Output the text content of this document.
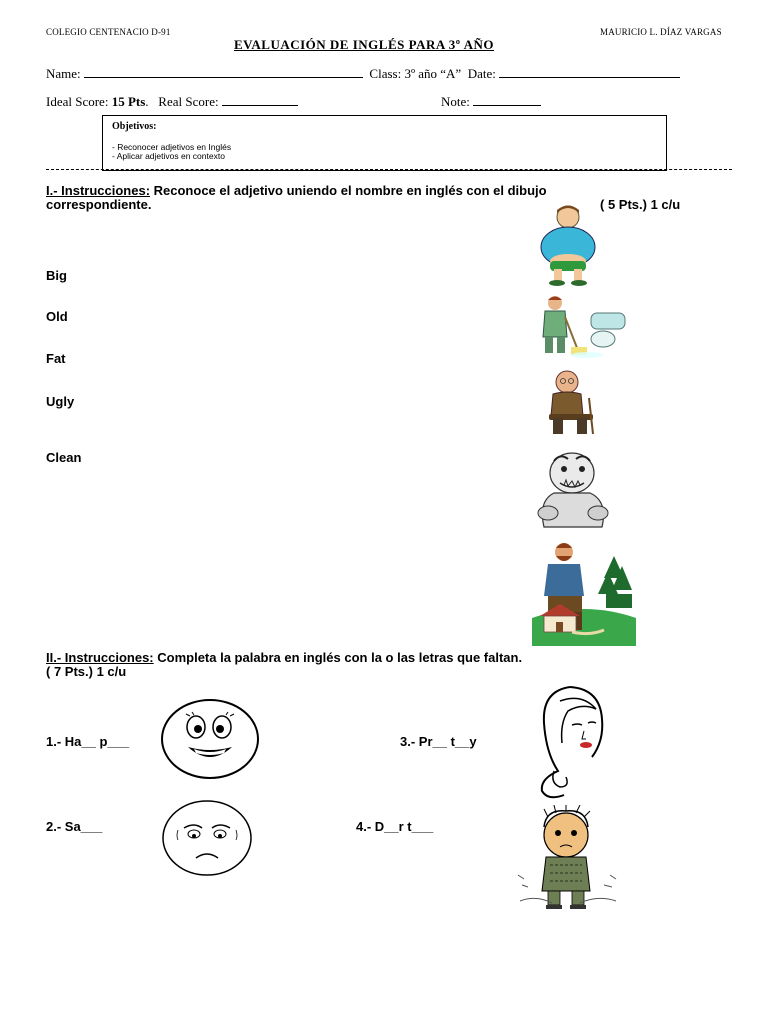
COLEGIO CENTENACIO D-91	MAURICIO L. DÍAZ VARGAS
EVALUACIÓN DE INGLÉS PARA 3º AÑO
Name:	Class: 3º año “A” Date:
Ideal Score: 15 Pts. Real Score:	Note:
Objetivos:
- Reconocer adjetivos en Inglés
- Aplicar adjetivos en contexto
I.- Instrucciones: Reconoce el adjetivo uniendo el nombre en inglés con el dibujo
correspondiente.	( 5 Pts.) 1 c/u
Big
Old
Fat
Ugly
Clean
II.- Instrucciones: Completa la palabra en inglés con la o las letras que faltan.
( 7 Pts.) 1 c/u
1.- Ha__ p___
2.- Sa___
3.- Pr__ t__y
4.- D__r t___
